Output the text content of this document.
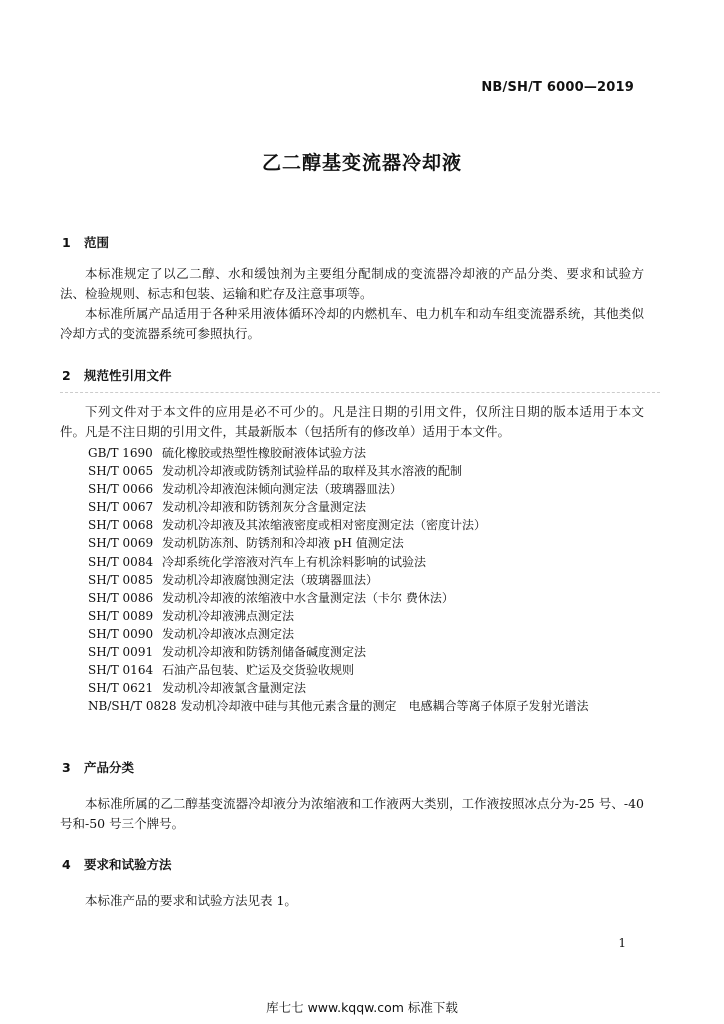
NB/SH/T 6000—2019
乙二醇基变流器冷却液
1 范围

本标准规定了以乙二醇、水和缓蚀剂为主要组分配制成的变流器冷却液的产品分类、要求和试验方法、检验规则、标志和包装、运输和贮存及注意事项等。

本标准所属产品适用于各种采用液体循环冷却的内燃机车、电力机车和动车组变流器系统，其他类似冷却方式的变流器系统可参照执行。

2 规范性引用文件

下列文件对于本文件的应用是必不可少的。凡是注日期的引用文件，仅所注日期的版本适用于本文件。凡是不注日期的引用文件，其最新版本（包括所有的修改单）适用于本文件。

GB/T 1690 硫化橡胶或热塑性橡胶耐液体试验方法
SH/T 0065 发动机冷却液或防锈剂试验样品的取样及其水溶液的配制
SH/T 0066 发动机冷却液泡沫倾向测定法（玻璃器皿法）
SH/T 0067 发动机冷却液和防锈剂灰分含量测定法
SH/T 0068 发动机冷却液及其浓缩液密度或相对密度测定法（密度计法）
SH/T 0069 发动机防冻剂、防锈剂和冷却液 pH 值测定法
SH/T 0084 冷却系统化学溶液对汽车上有机涂料影响的试验法
SH/T 0085 发动机冷却液腐蚀测定法（玻璃器皿法）
SH/T 0086 发动机冷却液的浓缩液中水含量测定法（卡尔 费休法）
SH/T 0089 发动机冷却液沸点测定法
SH/T 0090 发动机冷却液冰点测定法
SH/T 0091 发动机冷却液和防锈剂储备碱度测定法
SH/T 0164 石油产品包装、贮运及交货验收规则
SH/T 0621 发动机冷却液氯含量测定法
NB/SH/T 0828 发动机冷却液中硅与其他元素含量的测定　电感耦合等离子体原子发射光谱法
3 产品分类

本标准所属的乙二醇基变流器冷却液分为浓缩液和工作液两大类别，工作液按照冰点分为-25 号、-40 号和-50 号三个牌号。

4 要求和试验方法

本标准产品的要求和试验方法见表 1。

1
库七七 www.kqqw.com 标准下载
